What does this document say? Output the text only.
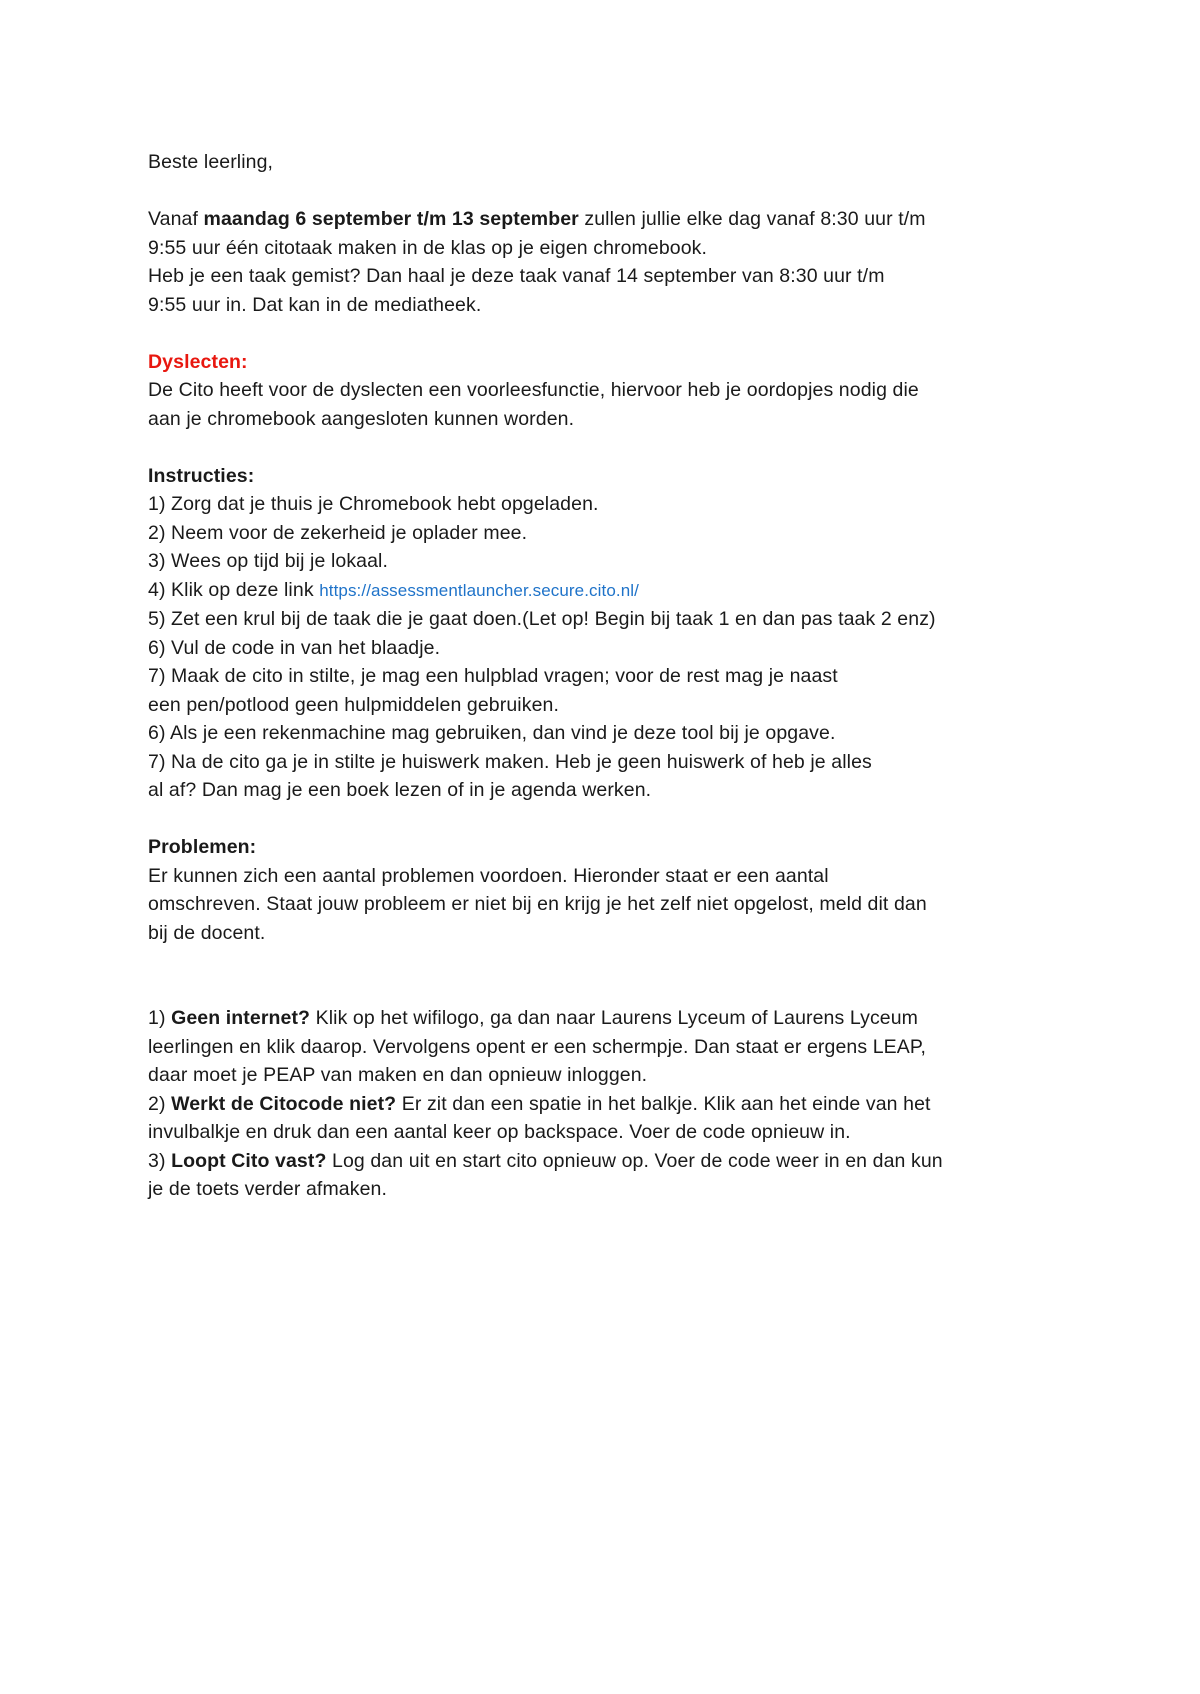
Beste leerling,
Vanaf maandag 6 september t/m 13 september zullen jullie elke dag vanaf 8:30 uur t/m
9:55 uur één citotaak maken in de klas op je eigen chromebook.
Heb je een taak gemist? Dan haal je deze taak vanaf 14 september van 8:30 uur t/m
9:55 uur in. Dat kan in de mediatheek.
Dyslecten:
De Cito heeft voor de dyslecten een voorleesfunctie, hiervoor heb je oordopjes nodig die
aan je chromebook aangesloten kunnen worden.
Instructies:
1) Zorg dat je thuis je Chromebook hebt opgeladen.
2) Neem voor de zekerheid je oplader mee.
3) Wees op tijd bij je lokaal.
4) Klik op deze link https://assessmentlauncher.secure.cito.nl/
5) Zet een krul bij de taak die je gaat doen.(Let op! Begin bij taak 1 en dan pas taak 2 enz)
6) Vul de code in van het blaadje.
7) Maak de cito in stilte, je mag een hulpblad vragen; voor de rest mag je naast
een pen/potlood geen hulpmiddelen gebruiken.
6) Als je een rekenmachine mag gebruiken, dan vind je deze tool bij je opgave.
7) Na de cito ga je in stilte je huiswerk maken. Heb je geen huiswerk of heb je alles
al af? Dan mag je een boek lezen of in je agenda werken.
Problemen:
Er kunnen zich een aantal problemen voordoen. Hieronder staat er een aantal
omschreven. Staat jouw probleem er niet bij en krijg je het zelf niet opgelost, meld dit dan
bij de docent.
1) Geen internet? Klik op het wifilogo, ga dan naar Laurens Lyceum of Laurens Lyceum
leerlingen en klik daarop. Vervolgens opent er een schermpje. Dan staat er ergens LEAP,
daar moet je PEAP van maken en dan opnieuw inloggen.
2) Werkt de Citocode niet? Er zit dan een spatie in het balkje. Klik aan het einde van het
invulbalkje en druk dan een aantal keer op backspace. Voer de code opnieuw in.
3) Loopt Cito vast? Log dan uit en start cito opnieuw op. Voer de code weer in en dan kun
je de toets verder afmaken.
